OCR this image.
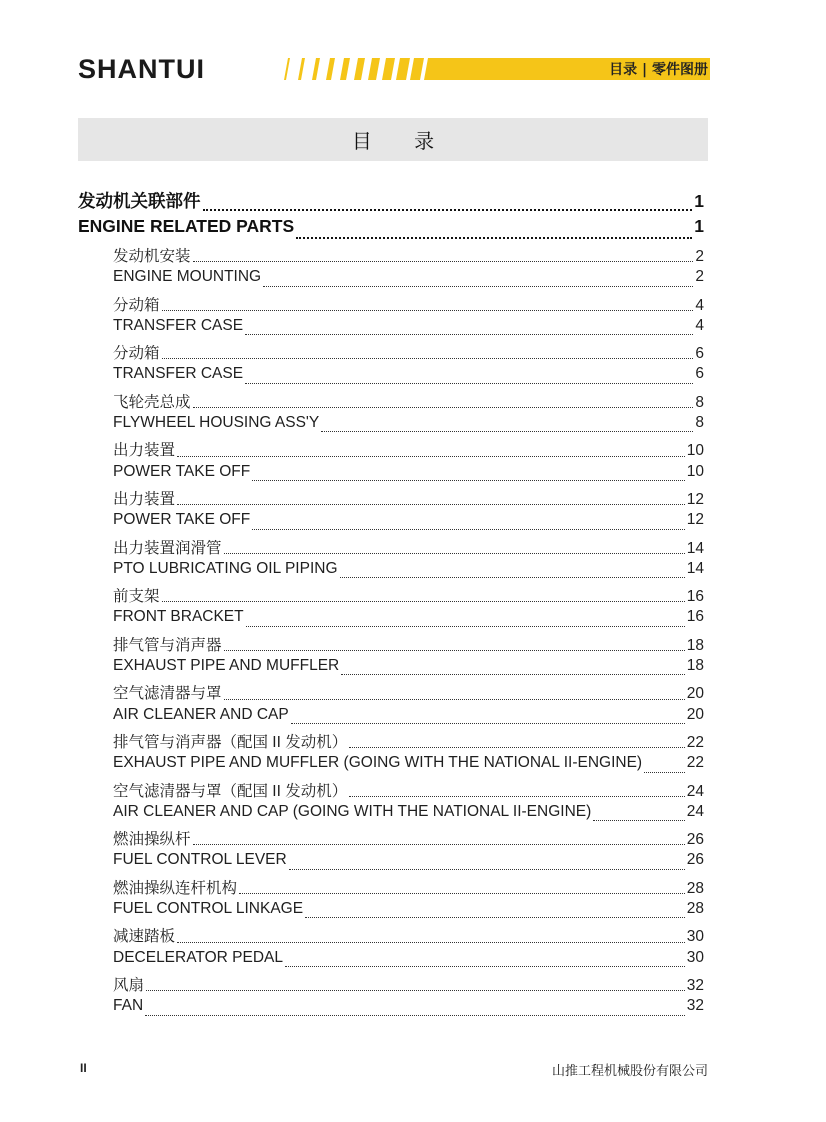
SHANTUI	目录 | 零件图册
目 录
发动机关联部件	1
ENGINE RELATED PARTS	1
发动机安装	2
ENGINE MOUNTING	2
分动箱	4
TRANSFER CASE	4
分动箱	6
TRANSFER CASE	6
飞轮壳总成	8
FLYWHEEL HOUSING ASS'Y	8
出力装置	10
POWER TAKE OFF	10
出力装置	12
POWER TAKE OFF	12
出力装置润滑管	14
PTO LUBRICATING OIL PIPING	14
前支架	16
FRONT BRACKET	16
排气管与消声器	18
EXHAUST PIPE AND MUFFLER	18
空气滤清器与罩	20
AIR CLEANER AND CAP	20
排气管与消声器（配国 II 发动机）	22
EXHAUST PIPE AND MUFFLER (GOING WITH THE NATIONAL II-ENGINE)	22
空气滤清器与罩（配国 II 发动机）	24
AIR CLEANER AND CAP (GOING WITH THE NATIONAL II-ENGINE)	24
燃油操纵杆	26
FUEL CONTROL LEVER	26
燃油操纵连杆机构	28
FUEL CONTROL LINKAGE	28
减速踏板	30
DECELERATOR PEDAL	30
风扇	32
FAN	32
II	山推工程机械股份有限公司
